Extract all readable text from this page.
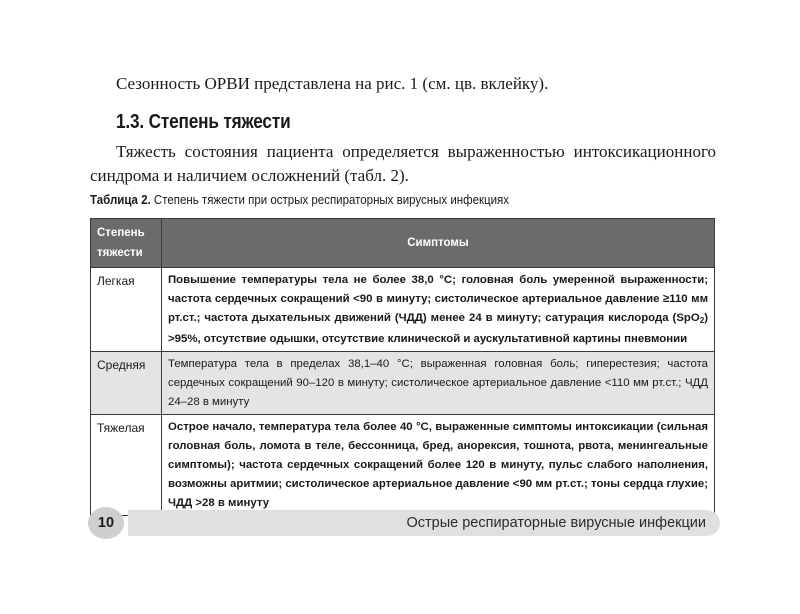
Сезонность ОРВИ представлена на рис. 1 (см. цв. вклейку).
1.3. Степень тяжести
Тяжесть состояния пациента определяется выраженностью интоксикационного синдрома и наличием осложнений (табл. 2).
Таблица 2. Степень тяжести при острых респираторных вирусных инфекциях
Степень тяжести	Симптомы
Легкая	Повышение температуры тела не более 38,0 °С; головная боль умеренной выраженности; частота сердечных сокращений <90 в минуту; систолическое артериальное давление ≥110 мм рт.ст.; частота дыхательных движений (ЧДД) менее 24 в минуту; сатурация кислорода (SpO$_2$) >95%, отсутствие одышки, отсутствие клинической и аускультативной картины пневмонии
Средняя	Температура тела в пределах 38,1–40 °С; выраженная головная боль; гиперестезия; частота сердечных сокращений 90–120 в минуту; систолическое артериальное давление <110 мм рт.ст.; ЧДД 24–28 в минуту
Тяжелая	Острое начало, температура тела более 40 °С, выраженные симптомы интоксикации (сильная головная боль, ломота в теле, бессонница, бред, анорексия, тошнота, рвота, менингеальные симптомы); частота сердечных сокращений более 120 в минуту, пульс слабого наполнения, возможны аритмии; систолическое артериальное давление <90 мм рт.ст.; тоны сердца глухие; ЧДД >28 в минуту
Острые респираторные вирусные инфекции
10
